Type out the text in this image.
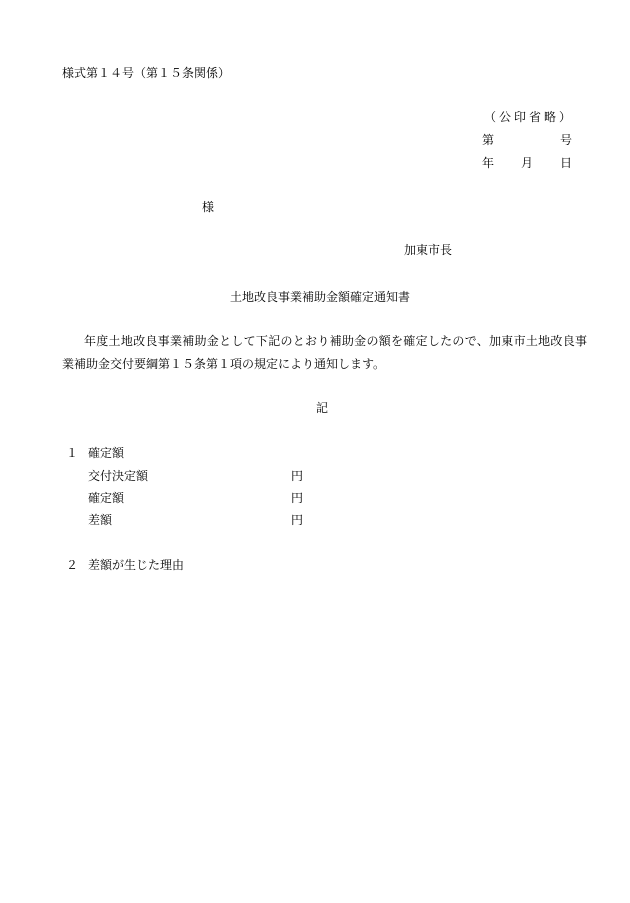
様式第１４号（第１５条関係）
（公印省略）
第	号
年 月 日
様
加東市長
土地改良事業補助金額確定通知書
年度土地改良事業補助金として下記のとおり補助金の額を確定したので、加東市土地改良事業補助金交付要綱第１５条第１項の規定により通知します。
記
１ 確定額
交付決定額	円
確定額	円
差額	円
２ 差額が生じた理由
